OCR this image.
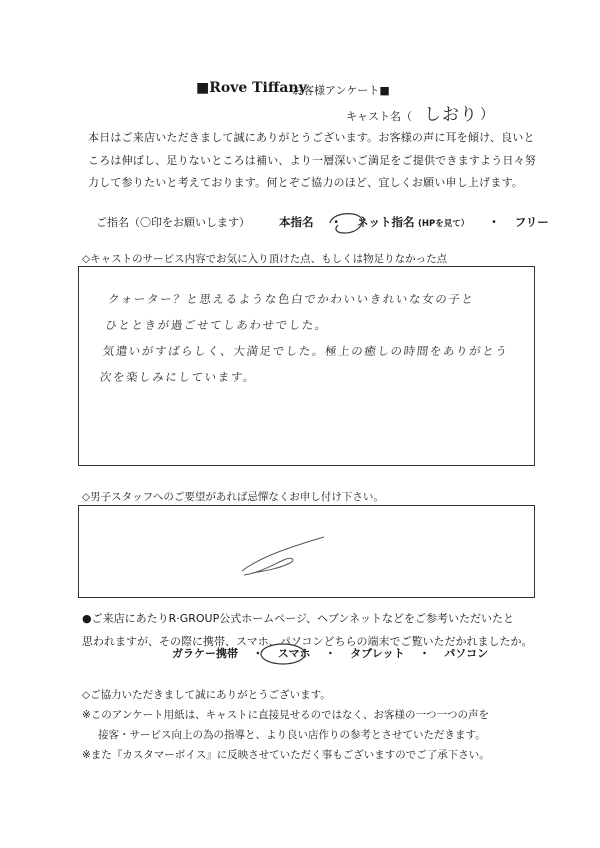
■Rove Tiffany
お客様アンケート■
キャスト名（ しおり ）
本日はご来店いただきまして誠にありがとうございます。お客様の声に耳を傾け、良いと
ころは伸ばし、足りないところは補い、より一層深いご満足をご提供できますよう日々努
力して参りたいと考えております。何とぞご協力のほど、宜しくお願い申し上げます。
ご指名（〇印をお願いします）	本指名 ・ ネット指名 (HPを見て） ・ フリー
◇キャストのサービス内容でお気に入り頂けた点、もしくは物足りなかった点
クォーター？と思えるような色白でかわいいきれいな女の子と
ひとときが過ごせてしあわせでした。
気遣いがすばらしく、大満足でした。極上の癒しの時間をありがとう
次を楽しみにしています。
◇男子スタッフへのご要望があれば忌憚なくお申し付け下さい。
●ご来店にあたりR·GROUP公式ホームページ、ヘブンネットなどをご参考いただいたと
思われますが、その際に携帯、スマホ、パソコンどちらの端末でご覧いただかれましたか。
ガラケー携帯 ・ スマホ ・ タブレット ・ パソコン
◇ご協力いただきまして誠にありがとうございます。
※このアンケート用紙は、キャストに直接見せるのではなく、お客様の一つ一つの声を
接客・サービス向上の為の指導と、より良い店作りの参考とさせていただきます。
※また『カスタマーボイス』に反映させていただく事もございますのでご了承下さい。
